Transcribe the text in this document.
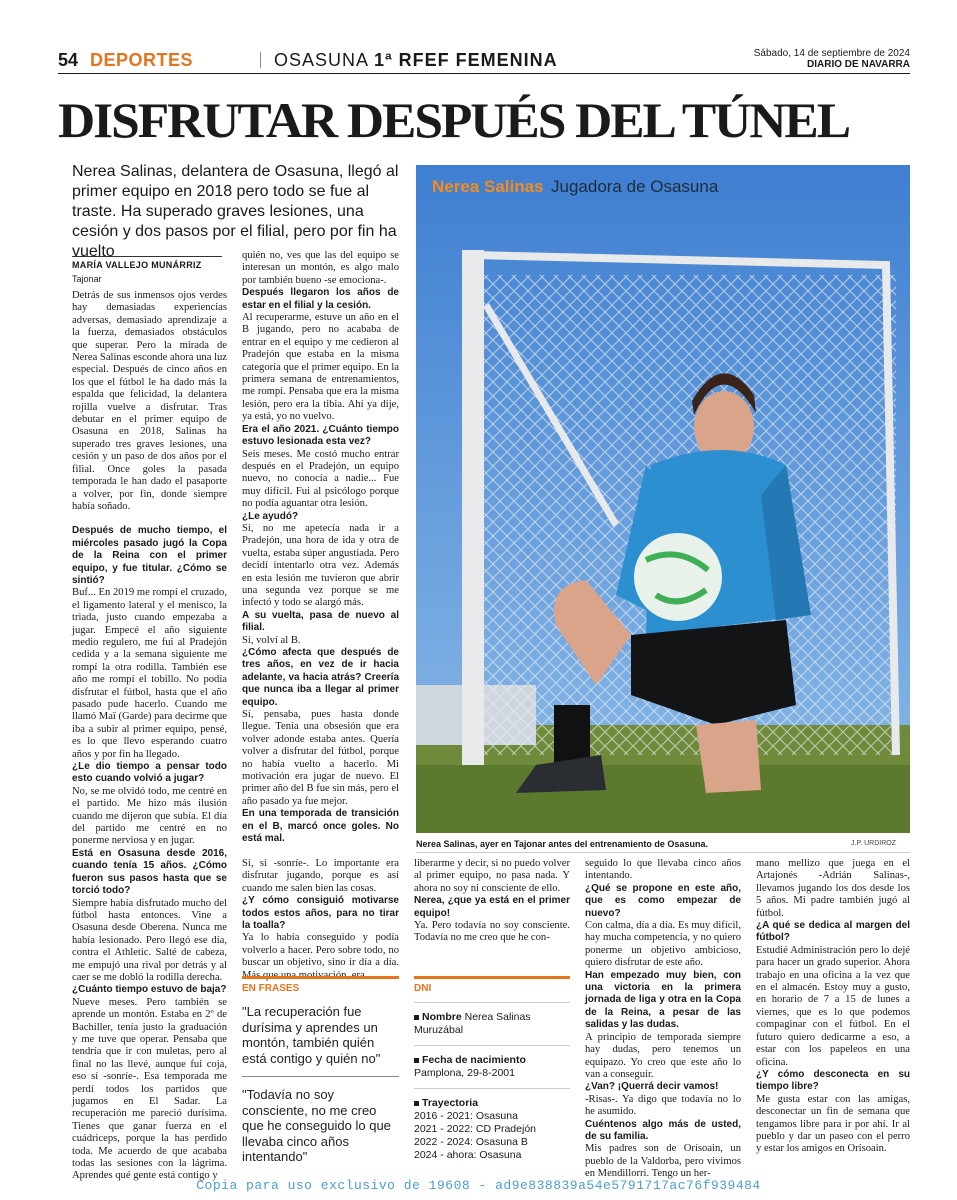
54 DEPORTES	OSASUNA 1ª RFEF FEMENINA	Sábado, 14 de septiembre de 2024
DIARIO DE NAVARRA
DISFRUTAR DESPUÉS DEL TÚNEL

Nerea Salinas, delantera de Osasuna, llegó al primer equipo en 2018 pero todo se fue al traste. Ha superado graves lesiones, una cesión y dos pasos por el filial, pero por fin ha vuelto

MARÍA VALLEJO MUNÁRRIZ
Tajonar

Detrás de sus inmensos ojos verdes hay demasiadas experiencias adversas, demasiado aprendizaje a la fuerza, demasiados obstáculos que superar. Pero la mirada de Nerea Salinas esconde ahora una luz especial. Después de cinco años en los que el fútbol le ha dado más la espalda que felicidad, la delantera rojilla vuelve a disfrutar. Tras debutar en el primer equipo de Osasuna en 2018, Salinas ha superado tres graves lesiones, una cesión y un paso de dos años por el filial. Once goles la pasada temporada le han dado el pasaporte a volver, por fin, donde siempre había soñado.

Después de mucho tiempo, el miércoles pasado jugó la Copa de la Reina con el primer equipo, y fue titular. ¿Cómo se sintió?

Buf... En 2019 me rompí el cruzado, el ligamento lateral y el menisco, la triada, justo cuando empezaba a jugar. Empecé el año siguiente medio regulero, me fui al Pradejón cedida y a la semana siguiente me rompí la otra rodilla. También ese año me rompí el tobillo. No podía disfrutar el fútbol, hasta que el año pasado pude hacerlo. Cuando me llamó Maï (Garde) para decirme que iba a subir al primer equipo, pensé, es lo que llevo esperando cuatro años y por fin ha llegado.

¿Le dio tiempo a pensar todo esto cuando volvió a jugar?

No, se me olvidó todo, me centré en el partido. Me hizo más ilusión cuando me dijeron que subía. El día del partido me centré en no ponerme nerviosa y en jugar.

Está en Osasuna desde 2016, cuando tenía 15 años. ¿Cómo fueron sus pasos hasta que se torció todo?

Siempre había disfrutado mucho del fútbol hasta entonces. Vine a Osasuna desde Oberena. Nunca me había lesionado. Pero llegó ese día, contra el Athletic. Salté de cabeza, me empujó una rival por detrás y al caer se me dobló la rodilla derecha.

¿Cuánto tiempo estuvo de baja?

Nueve meses. Pero también se aprende un montón. Estaba en 2º de Bachiller, tenía justo la graduación y me tuve que operar. Pensaba que tendría que ir con muletas, pero al final no las llevé, aunque fui coja, eso sí -sonríe-. Esa temporada me perdí todos los partidos que jugamos en El Sadar. La recuperación me pareció durísima. Tienes que ganar fuerza en el cuádriceps, porque la has perdido toda. Me acuerdo de que acababa todas las sesiones con la lágrima. Aprendes qué gente está contigo y

quién no, ves que las del equipo se interesan un montón, es algo malo por también bueno -se emociona-.

Después llegaron los años de estar en el filial y la cesión.

Al recuperarme, estuve un año en el B jugando, pero no acababa de entrar en el equipo y me cedieron al Pradejón que estaba en la misma categoría que el primer equipo. En la primera semana de entrenamientos, me rompí. Pensaba que era la misma lesión, pero era la tibia. Ahí ya dije, ya está, yo no vuelvo.

Era el año 2021. ¿Cuánto tiempo estuvo lesionada esta vez?

Seis meses. Me costó mucho entrar después en el Pradejón, un equipo nuevo, no conocía a nadie... Fue muy difícil. Fui al psicólogo porque no podía aguantar otra lesión.

¿Le ayudó?

Sí, no me apetecía nada ir a Pradejón, una hora de ida y otra de vuelta, estaba súper angustiada. Pero decidí intentarlo otra vez. Además en esta lesión me tuvieron que abrir una segunda vez porque se me infectó y todo se alargó más.

A su vuelta, pasa de nuevo al filial.

Sí, volví al B.

¿Cómo afecta que después de tres años, en vez de ir hacia adelante, va hacia atrás? Creería que nunca iba a llegar al primer equipo.

Sí, pensaba, pues hasta donde llegue. Tenía una obsesión que era volver adonde estaba antes. Quería volver a disfrutar del fútbol, porque no había vuelto a hacerlo. Mi motivación era jugar de nuevo. El primer año del B fue sin más, pero el año pasado ya fue mejor.

En una temporada de transición en el B, marcó once goles. No está mal.

Sí, sí -sonríe-. Lo importante era disfrutar jugando, porque es así cuando me salen bien las cosas.

¿Y cómo consiguió motivarse todos estos años, para no tirar la toalla?

Ya lo había conseguido y podía volverlo a hacer. Pero sobre todo, no buscar un objetivo, sino ir día a día. Más que una motivación, era

liberarme y decir, si no puedo volver al primer equipo, no pasa nada. Y ahora no soy ni consciente de ello.

Nerea, ¿que ya está en el primer equipo!

Ya. Pero todavía no soy consciente. Todavía no me creo que he con-

seguido lo que llevaba cinco años intentando.

¿Qué se propone en este año, que es como empezar de nuevo?

Con calma, día a día. Es muy difícil, hay mucha competencia, y no quiero ponerme un objetivo ambicioso, quiero disfrutar de este año.

Han empezado muy bien, con una victoria en la primera jornada de liga y otra en la Copa de la Reina, a pesar de las salidas y las dudas.

A principio de temporada siempre hay dudas, pero tenemos un equipazo. Yo creo que este año lo van a conseguir.

¿Van? ¡Querrá decir vamos!

-Risas-. Ya digo que todavía no lo he asumido.

Cuéntenos algo más de usted, de su familia.

Mis padres son de Orísoain, un pueblo de la Valdorba, pero vivimos en Mendillorri. Tengo un her-

mano mellizo que juega en el Artajonés -Adrián Salinas-, llevamos jugando los dos desde los 5 años. Mi padre también jugó al fútbol.

¿A qué se dedica al margen del fútbol?

Estudié Administración pero lo dejé para hacer un grado superior. Ahora trabajo en una oficina a la vez que en el almacén. Estoy muy a gusto, en horario de 7 a 15 de lunes a viernes, que es lo que podemos compaginar con el fútbol. En el futuro quiero dedicarme a eso, a estar con los papeleos en una oficina.

¿Y cómo desconecta en su tiempo libre?

Me gusta estar con las amigas, desconectar un fin de semana que tengamos libre para ir por ahí. Ir al pueblo y dar un paseo con el perro y estar los amigos en Orísoain.

Nerea Salinas Jugadora de Osasuna
Nerea Salinas, ayer en Tajonar antes del entrenamiento de Osasuna.	J.P. URDIROZ
EN FRASES
"La recuperación fue durísima y aprendes un montón, también quién está contigo y quién no"
"Todavía no soy consciente, no me creo que he conseguido lo que llevaba cinco años intentando"
DNI
Nombre Nerea Salinas Muruzábal
Fecha de nacimiento Pamplona, 29-8-2001
Trayectoria
2016 - 2021: Osasuna
2021 - 2022: CD Pradejón
2022 - 2024: Osasuna B
2024 - ahora: Osasuna
Copia para uso exclusivo de 19608 - ad9e838839a54e5791717ac76f939484
